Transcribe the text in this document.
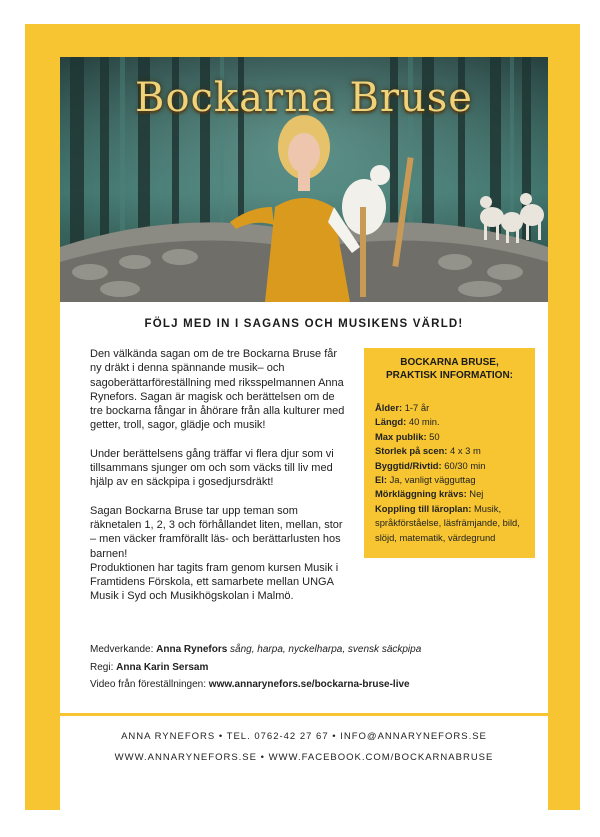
Bockarna Bruse
FÖLJ MED IN I SAGANS OCH MUSIKENS VÄRLD!

Den välkända sagan om de tre Bockarna Bruse får ny dräkt i denna spännande musik– och sagoberättarföreställning med riksspelmannen Anna Rynefors. Sagan är magisk och berättelsen om de tre bockarna fångar in åhörare från alla kulturer med getter, troll, sagor, glädje och musik!

Under berättelsens gång träffar vi flera djur som vi tillsammans sjunger om och som väcks till liv med hjälp av en säckpipa i gosedjursdräkt!

Sagan Bockarna Bruse tar upp teman som räknetalen 1, 2, 3 och förhållandet liten, mellan, stor – men väcker framförallt läs- och berättarlusten hos barnen!

Produktionen har tagits fram genom kursen Musik i Framtidens Förskola, ett samarbete mellan UNGA Musik i Syd och Musikhögskolan i Malmö.

BOCKARNA BRUSE,
PRAKTISK INFORMATION:
Ålder: 1-7 år
Längd: 40 min.
Max publik: 50
Storlek på scen: 4 x 3 m
Byggtid/Rivtid: 60/30 min
El: Ja, vanligt vägguttag
Mörkläggning krävs: Nej
Koppling till läroplan: Musik, språkförståelse, läsfrämjande, bild, slöjd, matematik, värdegrund
Medverkande: Anna Rynefors sång, harpa, nyckelharpa, svensk säckpipa
Regi: Anna Karin Sersam
Video från föreställningen: www.annarynefors.se/bockarna-bruse-live
ANNA RYNEFORS • TEL. 0762-42 27 67 • INFO@ANNARYNEFORS.SE
WWW.ANNARYNEFORS.SE • WWW.FACEBOOK.COM/BOCKARNABRUSE
